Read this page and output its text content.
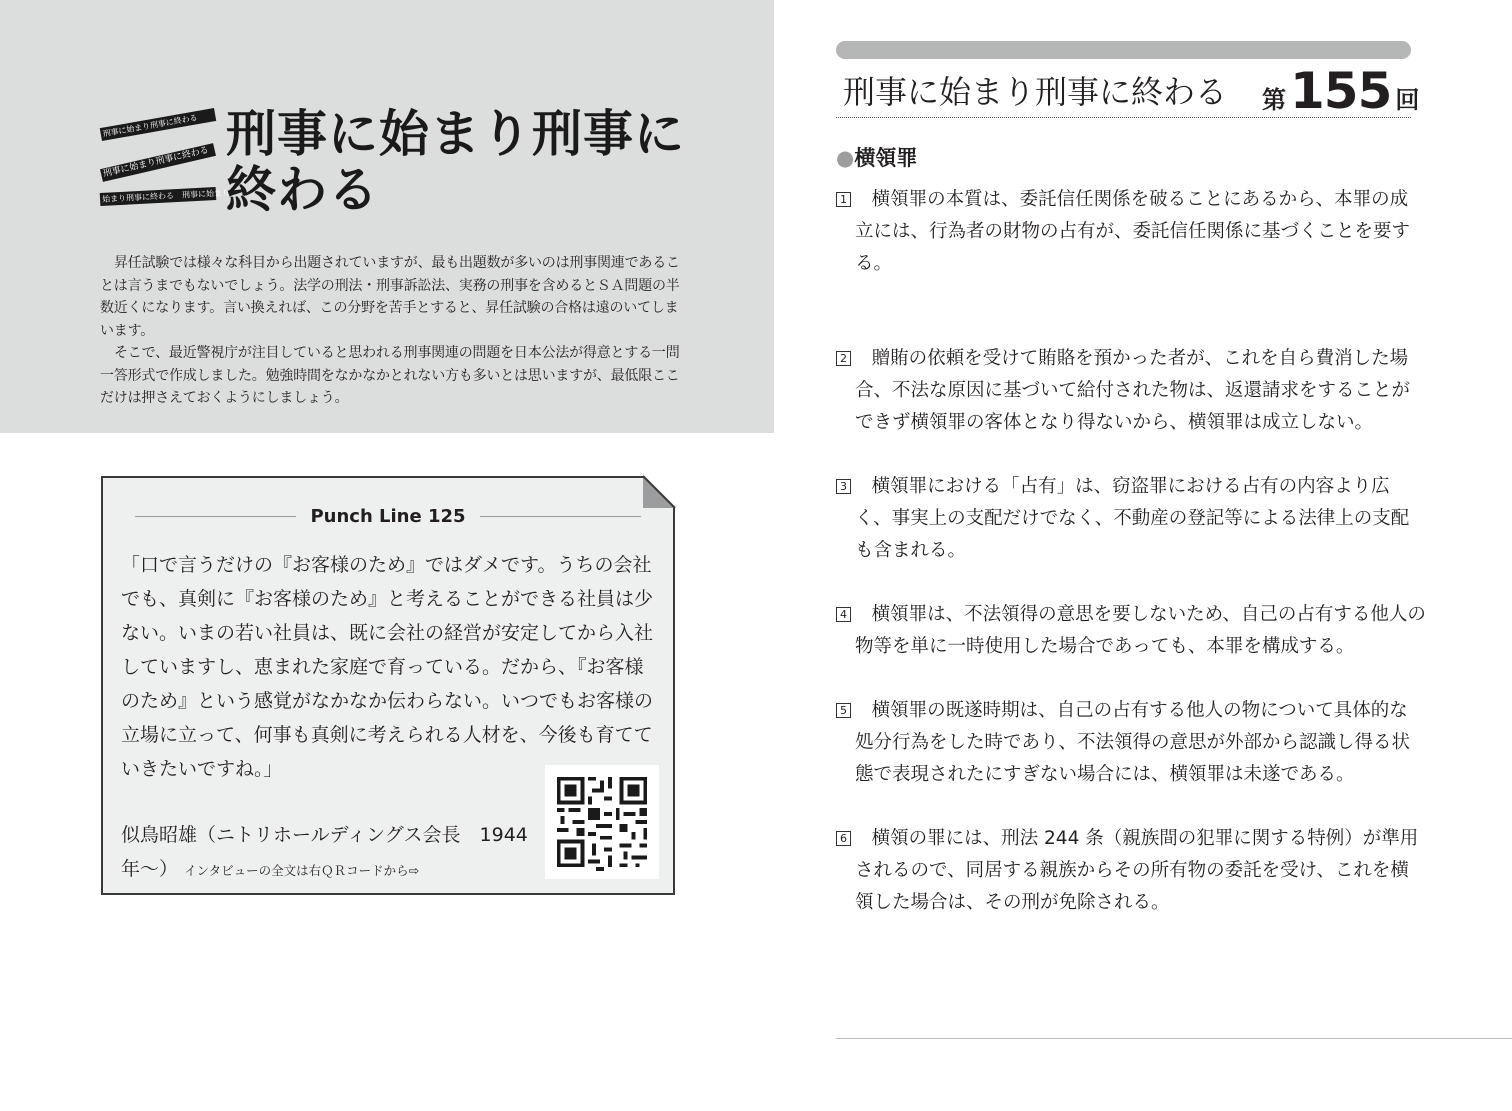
刑事に始まり刑事に終わる
刑事に始まり刑事に終わる
始まり刑事に終わる　刑事に始まり
刑事に始まり刑事に
終わる

昇任試験では様々な科目から出題されていますが、最も出題数が多いのは刑事関連であることは言うまでもないでしょう。法学の刑法・刑事訴訟法、実務の刑事を含めるとＳＡ問題の半数近くになります。言い換えれば、この分野を苦手とすると、昇任試験の合格は遠のいてしまいます。

そこで、最近警視庁が注目していると思われる刑事関連の問題を日本公法が得意とする一問一答形式で作成しました。勉強時間をなかなかとれない方も多いとは思いますが、最低限ここだけは押さえておくようにしましょう。

Punch Line 125

「口で言うだけの『お客様のため』ではダメです。うちの会社でも、真剣に『お客様のため』と考えることができる社員は少ない。いまの若い社員は、既に会社の経営が安定してから入社していますし、恵まれた家庭で育っている。だから、『お客様のため』という感覚がなかなか伝わらない。いつでもお客様の立場に立って、何事も真剣に考えられる人材を、今後も育てていきたいですね。」

似鳥昭雄（ニトリホールディングス会長　1944年〜） インタビューの全文は右ＱＲコードから⇨
刑事に始まり刑事に終わる 第155 回
●横領罪
1	横領罪の本質は、委託信任関係を破ることにあるから、本罪の成立には、行為者の財物の占有が、委託信任関係に基づくことを要する。

2	贈賄の依頼を受けて賄賂を預かった者が、これを自ら費消した場合、不法な原因に基づいて給付された物は、返還請求をすることができず横領罪の客体となり得ないから、横領罪は成立しない。

3	横領罪における「占有」は、窃盗罪における占有の内容より広く、事実上の支配だけでなく、不動産の登記等による法律上の支配も含まれる。

4	横領罪は、不法領得の意思を要しないため、自己の占有する他人の物等を単に一時使用した場合であっても、本罪を構成する。

5	横領罪の既遂時期は、自己の占有する他人の物について具体的な処分行為をした時であり、不法領得の意思が外部から認識し得る状態で表現されたにすぎない場合には、横領罪は未遂である。

6	横領の罪には、刑法 244 条（親族間の犯罪に関する特例）が準用されるので、同居する親族からその所有物の委託を受け、これを横領した場合は、その刑が免除される。
